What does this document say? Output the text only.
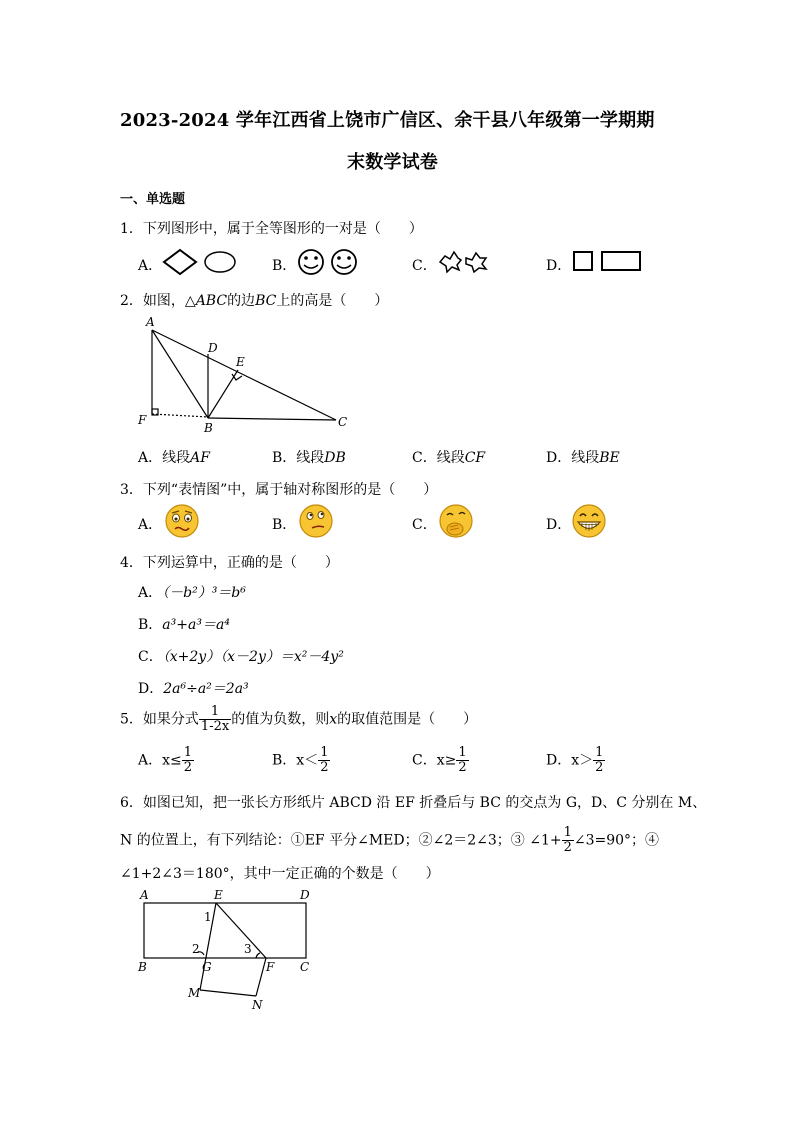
2023-2024 学年江西省上饶市广信区、余干县八年级第一学期期
末数学试卷
一、单选题
1．下列图形中，属于全等图形的一对是（　　）
A．	B．	C．	D．
2．如图，△ABC的边BC上的高是（　　）
A
D
E
F
B	C
A．线段AF	B．线段DB	C．线段CF	D．线段BE
3．下列“表情图”中，属于轴对称图形的是（　　）
A．	B．	C．	D．
4．下列运算中，正确的是（　　）
A．（－b²）³＝b⁶
B．a³+a³＝a⁴
C．（x+2y）（x－2y）＝x²－4y²
D．2a⁶÷a²＝2a³
5．如果分式 $\frac{1}{1-2x}$ 的值为负数，则x的取值范围是（　　）
A．$x\le \frac{1}{2}$	B．$x< \frac{1}{2}$	C．$x\ge \frac{1}{2}$	D．$x> \frac{1}{2}$
6．如图已知，把一张长方形纸片 ABCD 沿 EF 折叠后与 BC 的交点为 G，D、C 分别在 M、
N 的位置上，有下列结论：①EF 平分∠MED；②∠2＝2∠3；③ ∠1+ $\frac{1}{2}$ ∠3=90°；④
∠1+2∠3＝180°，其中一定正确的个数是（　　）
A	E	D
B	G	F C
M
N
1
2	3
